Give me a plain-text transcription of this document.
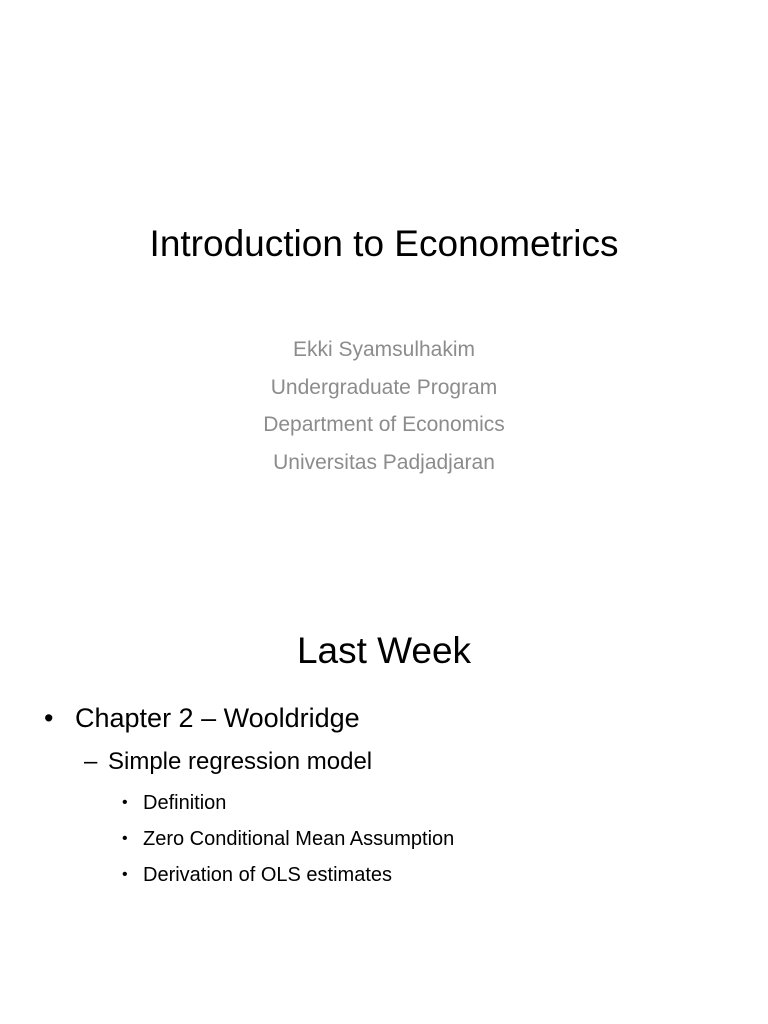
Introduction to Econometrics
Ekki Syamsulhakim
Undergraduate Program
Department of Economics
Universitas Padjadjaran
Last Week
• Chapter 2 – Wooldridge
– Simple regression model
• Definition
• Zero Conditional Mean Assumption
• Derivation of OLS estimates
